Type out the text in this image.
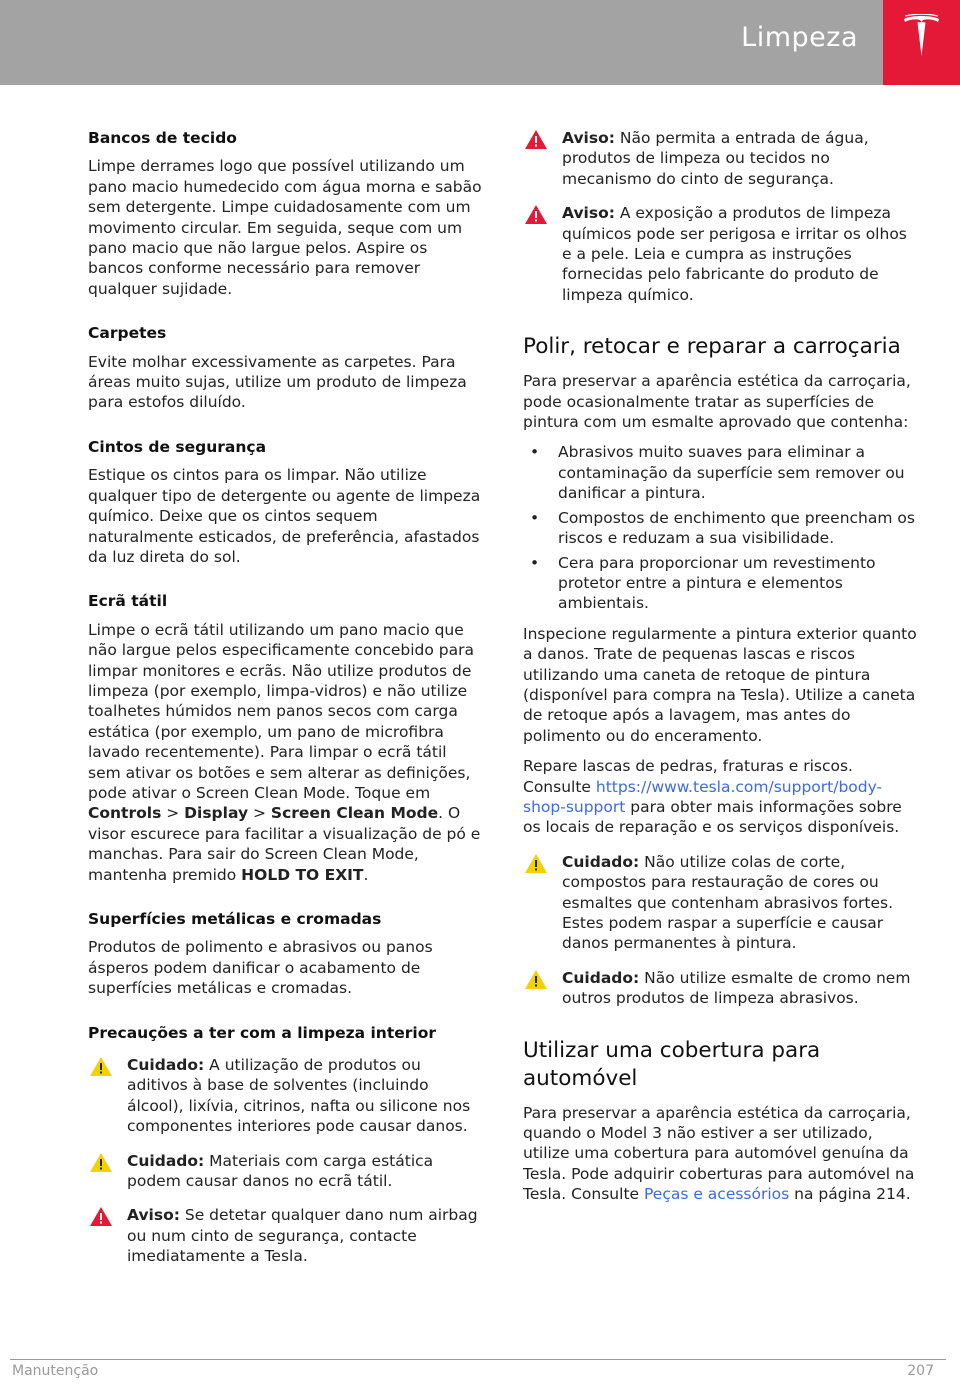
Limpeza
Bancos de tecido

Limpe derrames logo que possível utilizando um pano macio humedecido com água morna e sabão sem detergente. Limpe cuidadosamente com um movimento circular. Em seguida, seque com um pano macio que não largue pelos. Aspire os bancos conforme necessário para remover qualquer sujidade.

Carpetes

Evite molhar excessivamente as carpetes. Para áreas muito sujas, utilize um produto de limpeza para estofos diluído.

Cintos de segurança

Estique os cintos para os limpar. Não utilize qualquer tipo de detergente ou agente de limpeza químico. Deixe que os cintos sequem naturalmente esticados, de preferência, afastados da luz direta do sol.

Ecrã tátil

Limpe o ecrã tátil utilizando um pano macio que não largue pelos especificamente concebido para limpar monitores e ecrãs. Não utilize produtos de limpeza (por exemplo, limpa-vidros) e não utilize toalhetes húmidos nem panos secos com carga estática (por exemplo, um pano de microfibra lavado recentemente). Para limpar o ecrã tátil sem ativar os botões e sem alterar as definições, pode ativar o Screen Clean Mode. Toque em Controls > Display > Screen Clean Mode. O visor escurece para facilitar a visualização de pó e manchas. Para sair do Screen Clean Mode, mantenha premido HOLD TO EXIT.

Superfícies metálicas e cromadas

Produtos de polimento e abrasivos ou panos ásperos podem danificar o acabamento de superfícies metálicas e cromadas.

Precauções a ter com a limpeza interior
Cuidado: A utilização de produtos ou aditivos à base de solventes (incluindo álcool), lixívia, citrinos, nafta ou silicone nos componentes interiores pode causar danos.
Cuidado: Materiais com carga estática podem causar danos no ecrã tátil.
Aviso: Se detetar qualquer dano num airbag ou num cinto de segurança, contacte imediatamente a Tesla.
Aviso: Não permita a entrada de água, produtos de limpeza ou tecidos no mecanismo do cinto de segurança.
Aviso: A exposição a produtos de limpeza químicos pode ser perigosa e irritar os olhos e a pele. Leia e cumpra as instruções fornecidas pelo fabricante do produto de limpeza químico.
Polir, retocar e reparar a carroçaria

Para preservar a aparência estética da carroçaria, pode ocasionalmente tratar as superfícies de pintura com um esmalte aprovado que contenha:

• Abrasivos muito suaves para eliminar a contaminação da superfície sem remover ou danificar a pintura.
• Compostos de enchimento que preencham os riscos e reduzam a sua visibilidade.
• Cera para proporcionar um revestimento protetor entre a pintura e elementos ambientais.

Inspecione regularmente a pintura exterior quanto a danos. Trate de pequenas lascas e riscos utilizando uma caneta de retoque de pintura (disponível para compra na Tesla). Utilize a caneta de retoque após a lavagem, mas antes do polimento ou do enceramento.

Repare lascas de pedras, fraturas e riscos. Consulte https://www.tesla.com/support/body-shop-support para obter mais informações sobre os locais de reparação e os serviços disponíveis.

Cuidado: Não utilize colas de corte, compostos para restauração de cores ou esmaltes que contenham abrasivos fortes. Estes podem raspar a superfície e causar danos permanentes à pintura.
Cuidado: Não utilize esmalte de cromo nem outros produtos de limpeza abrasivos.
Utilizar uma cobertura para automóvel

Para preservar a aparência estética da carroçaria, quando o Model 3 não estiver a ser utilizado, utilize uma cobertura para automóvel genuína da Tesla. Pode adquirir coberturas para automóvel na Tesla. Consulte Peças e acessórios na página 214.

Manutenção	207
